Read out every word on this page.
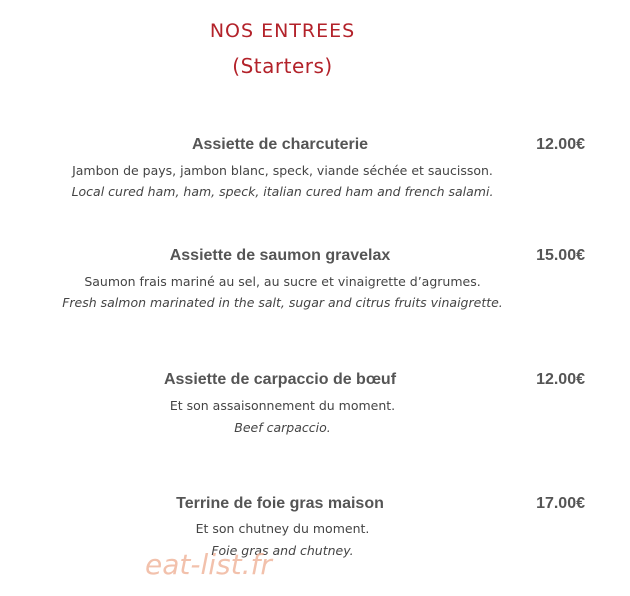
NOS ENTREES
(Starters)
Assiette de charcuterie	12.00€
Jambon de pays, jambon blanc, speck, viande séchée et saucisson.
Local cured ham, ham, speck, italian cured ham and french salami.
Assiette de saumon gravelax	15.00€
Saumon frais mariné au sel, au sucre et vinaigrette d’agrumes.
Fresh salmon marinated in the salt, sugar and citrus fruits vinaigrette.
Assiette de carpaccio de bœuf	12.00€
Et son assaisonnement du moment.
Beef carpaccio.
Terrine de foie gras maison	17.00€
Et son chutney du moment.
Foie gras and chutney.
eat-list.fr
